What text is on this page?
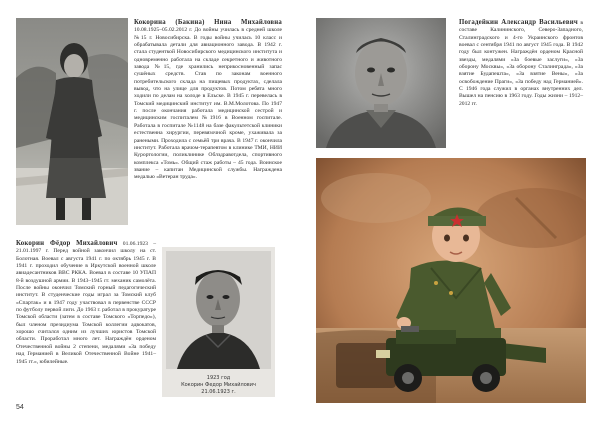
Кокорина (Бакина) Нина Михайловна 10.08.1925–05.02.2012 г. До войны училась в средней школе №15 г. Новосибирска. В годы войны училась 10 класс и обрабатывала детали для авиационного завода. В 1942 г. стала студенткой Новосибирского медицинского института и одновременно работала на складе секретного и животного завода №15, где хранились неприкосновенный запас сушёных средств. Став по законам военного потребительского склада на пищевых продуктах, сделала вывод, что на улице для продуктов. Потом ребята много ходили по делам на холоде в Ельске. В 1945 г. перевелась в Томский медицинский институт им. В.М.Молотова. По 1947 г. после окончания работала медицинской сестрой и медицинским госпиталем №1916 в Военном госпитале. Работала в госпитале №1148 на базе факультетской клиники естественна хирургии, перевязочной кроме, ухаживала за ранеными. Проходила с семьёй три врача. В 1947 г. окончила институт. Работала врачом-терапевтом в клинике ТМИ, НИИ Курортологии, поликлинике Облздравотдела, спортивного комплекса «Томь». Общий стаж работы – 45 года. Воинское звание – капитан Медицинской службы. Награждена медалью «Ветеран труда».
Погадейкин Александр Васильевич в составе Калининского, Северо-Западного, Сталинградского и 4-го Украинского фронтов воевал с сентября 1941 по август 1945 года. В 1942 году был контужен. Награждён орденом Красной звезды, медалями «За боевые заслуги», «За оборону Москвы», «За оборону Сталинграда», «За взятие Будапешта», «За взятие Вены», «За освобождение Праги», «За победу над Германией». С 1946 года служил в органах внутренних дел. Вышел на пенсию в 1963 году. Годы жизни – 1912–2012 гг.
Кокорин Фёдор Михайлович 01.06.1923 – 21.01.1997 г. Перед войной закончил школу на ст. Болотная. Воевал с августа 1941 г. по октябрь 1945 г. В 1941 г. проходил обучение в Иркутской военной школе авиадесантников ВВС РККА. Воевал в составе 10 УПАП 8-й воздушной армии. В 1943–1945 гг. механик самолёта. После войны окончил Томский горный педагогический институт. В студенческие годы играл за Томский клуб «Спартак» и в 1947 году участвовал в первенстве СССР по футболу первой лиги. До 1963 г. работал в прокуратуре Томской области (затем в составе Томского «Торпедо»), был членом президиума Томской коллегии адвокатов, хорошо считался одним из лучших юристов Томской области. Проработал много лет. Награждён орденом Отечественной войны 2 степени, медалями «За победу над Германией в Великой Отечественной Войне 1941–1945 гг.», юбилейные.
1923 год
Кокорин Федор Михайлович
21.06.1923 г.
54
